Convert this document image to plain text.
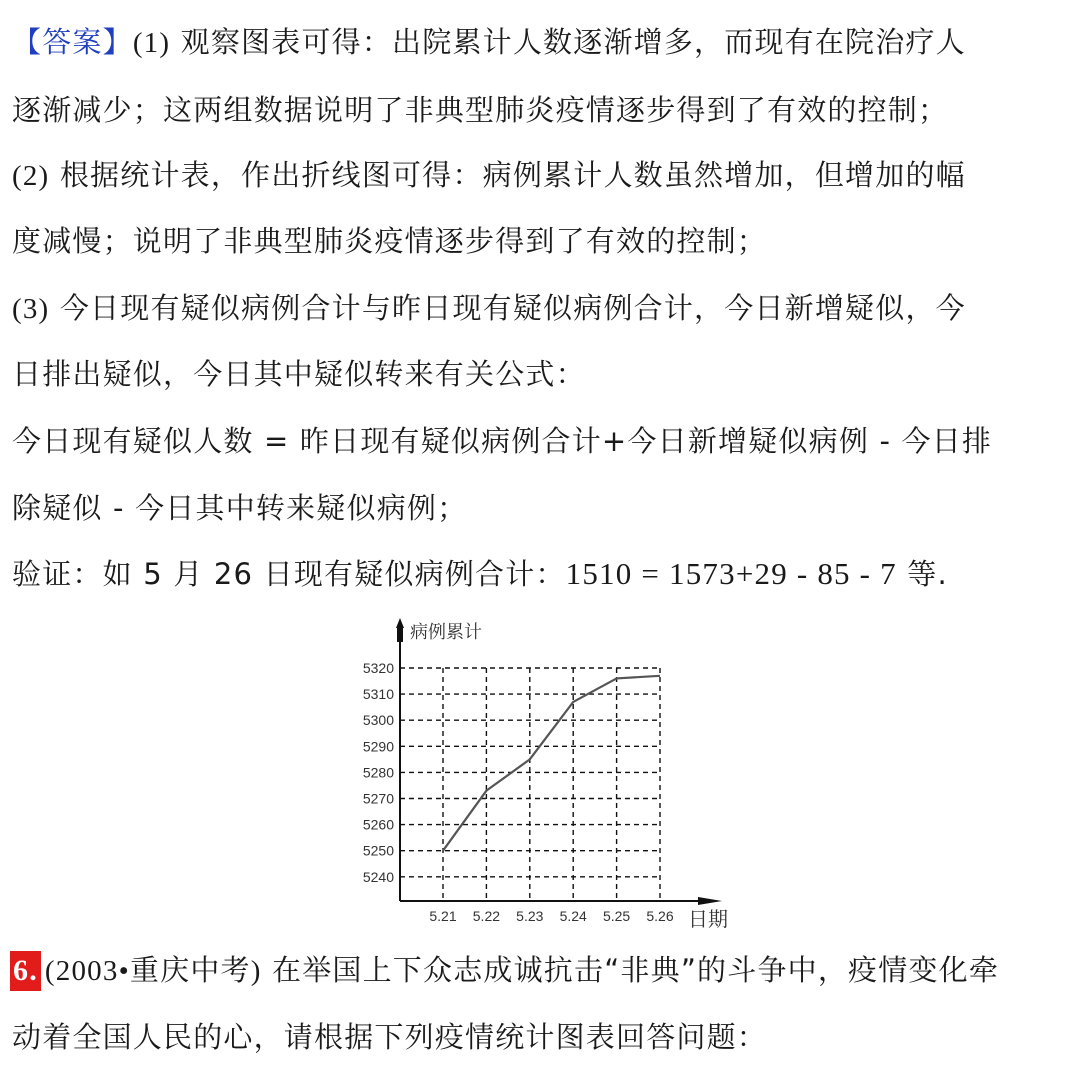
【答案】(1) 观察图表可得：出院累计人数逐渐增多，而现有在院治疗人
逐渐减少；这两组数据说明了非典型肺炎疫情逐步得到了有效的控制；
(2) 根据统计表，作出折线图可得：病例累计人数虽然增加，但增加的幅
度减慢；说明了非典型肺炎疫情逐步得到了有效的控制；
(3) 今日现有疑似病例合计与昨日现有疑似病例合计，今日新增疑似，今
日排出疑似，今日其中疑似转来有关公式：
今日现有疑似人数 = 昨日现有疑似病例合计+今日新增疑似病例 - 今日排
除疑似 - 今日其中转来疑似病例；
验证：如 5 月 26 日现有疑似病例合计：1510 = 1573+29 - 85 - 7 等.
5240
5250
5260
5270
5280
5290
5300
5310
5320
5.21 5.22 5.23 5.24 5.25 5.26
病例累计
日期
6. (2003•重庆中考) 在举国上下众志成诚抗击“非典”的斗争中，疫情变化牵
动着全国人民的心，请根据下列疫情统计图表回答问题：
